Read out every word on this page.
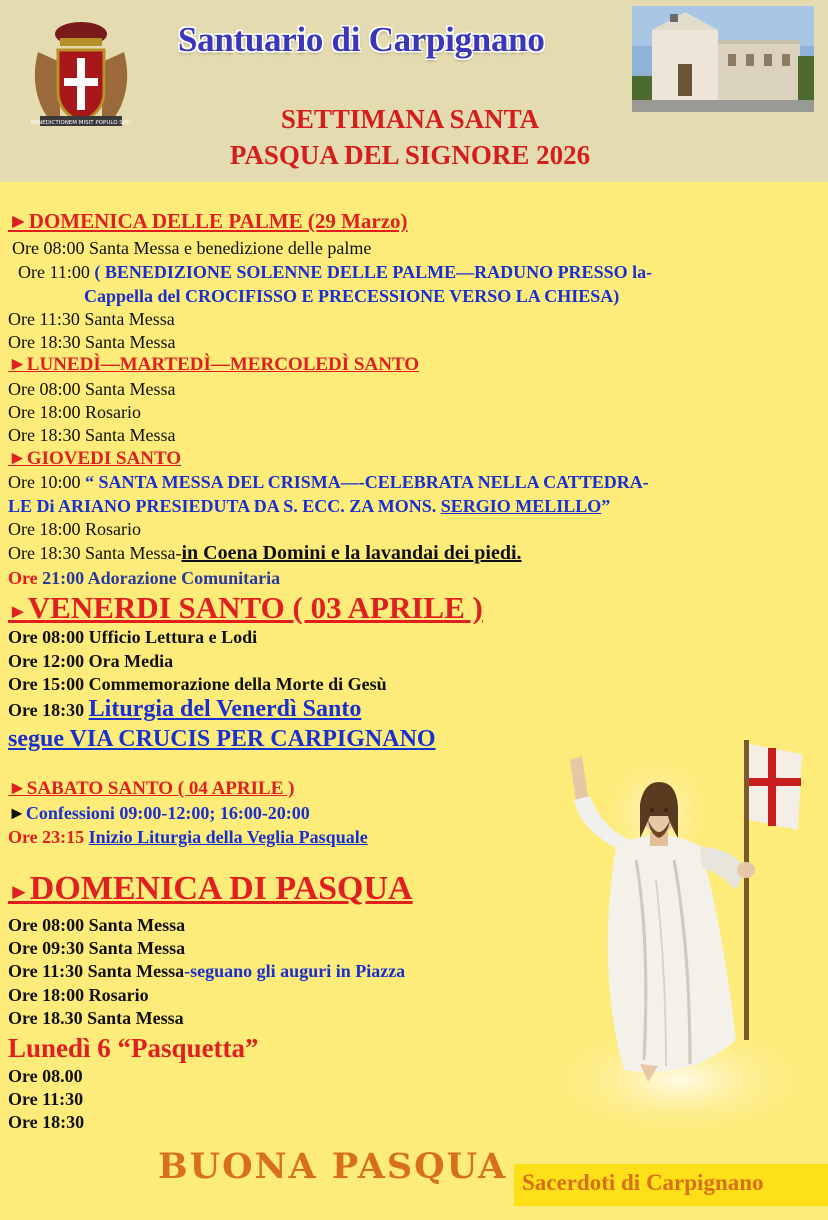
BENEDICTIONEM MISIT POPULO SUO
Santuario di Carpignano
SETTIMANA SANTA
PASQUA DEL SIGNORE 2026
►DOMENICA DELLE PALME (29 Marzo)
Ore 08:00 Santa Messa e benedizione delle palme
Ore 11:00 ( BENEDIZIONE SOLENNE DELLE PALME—RADUNO PRESSO la-
Cappella del CROCIFISSO E PRECESSIONE VERSO LA CHIESA)
Ore 11:30 Santa Messa
Ore 18:30 Santa Messa
►LUNEDÌ—MARTEDÌ—MERCOLEDÌ SANTO
Ore 08:00 Santa Messa
Ore 18:00 Rosario
Ore 18:30 Santa Messa
►GIOVEDI SANTO
Ore 10:00 “ SANTA MESSA DEL CRISMA—-CELEBRATA NELLA CATTEDRA-
LE Di ARIANO PRESIEDUTA DA S. ECC. ZA MONS. SERGIO MELILLO”
Ore 18:00 Rosario
Ore 18:30 Santa Messa-in Coena Domini e la lavandai dei piedi.
Ore 21:00 Adorazione Comunitaria
►VENERDI SANTO ( 03 APRILE )
Ore 08:00 Ufficio Lettura e Lodi
Ore 12:00 Ora Media
Ore 15:00 Commemorazione della Morte di Gesù
Ore 18:30 Liturgia del Venerdì Santo
segue VIA CRUCIS PER CARPIGNANO
►SABATO SANTO ( 04 APRILE )
►Confessioni 09:00-12:00; 16:00-20:00
Ore 23:15 Inizio Liturgia della Veglia Pasquale
►DOMENICA DI PASQUA
Ore 08:00 Santa Messa
Ore 09:30 Santa Messa
Ore 11:30 Santa Messa-seguano gli auguri in Piazza
Ore 18:00 Rosario
Ore 18.30 Santa Messa
Lunedì 6 “Pasquetta”
Ore 08.00
Ore 11:30
Ore 18:30
BUONA PASQUA Sacerdoti di Carpignano
